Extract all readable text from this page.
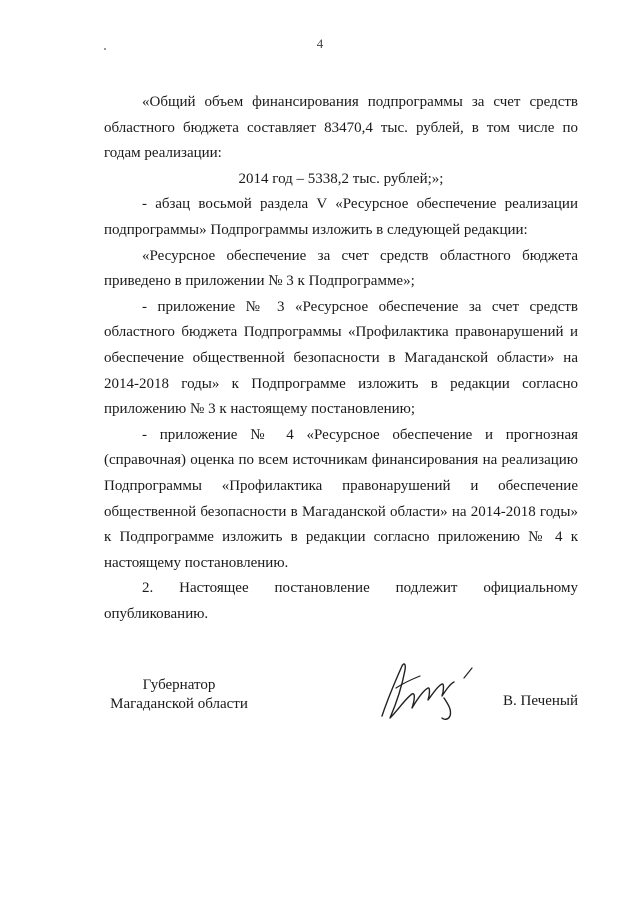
4

«Общий объем финансирования подпрограммы за счет средств областного бюджета составляет 83470,4 тыс. рублей, в том числе по годам реализации:

2014 год – 5338,2 тыс. рублей;»;

- абзац восьмой раздела V «Ресурсное обеспечение реализации подпрограммы» Подпрограммы изложить в следующей редакции:

«Ресурсное обеспечение за счет средств областного бюджета приведено в приложении № 3 к Подпрограмме»;

- приложение № 3 «Ресурсное обеспечение за счет средств областного бюджета Подпрограммы «Профилактика правонарушений и обеспечение общественной безопасности в Магаданской области» на 2014-2018 годы» к Подпрограмме изложить в редакции согласно приложению № 3 к настоящему постановлению;

- приложение № 4 «Ресурсное обеспечение и прогнозная (справочная) оценка по всем источникам финансирования на реализацию Подпрограммы «Профилактика правонарушений и обеспечение общественной безопасности в Магаданской области» на 2014-2018 годы» к Подпрограмме изложить в редакции согласно приложению № 4 к настоящему постановлению.

2. Настоящее постановление подлежит официальному опубликованию.

Губернатор
Магаданской области	В. Печеный
